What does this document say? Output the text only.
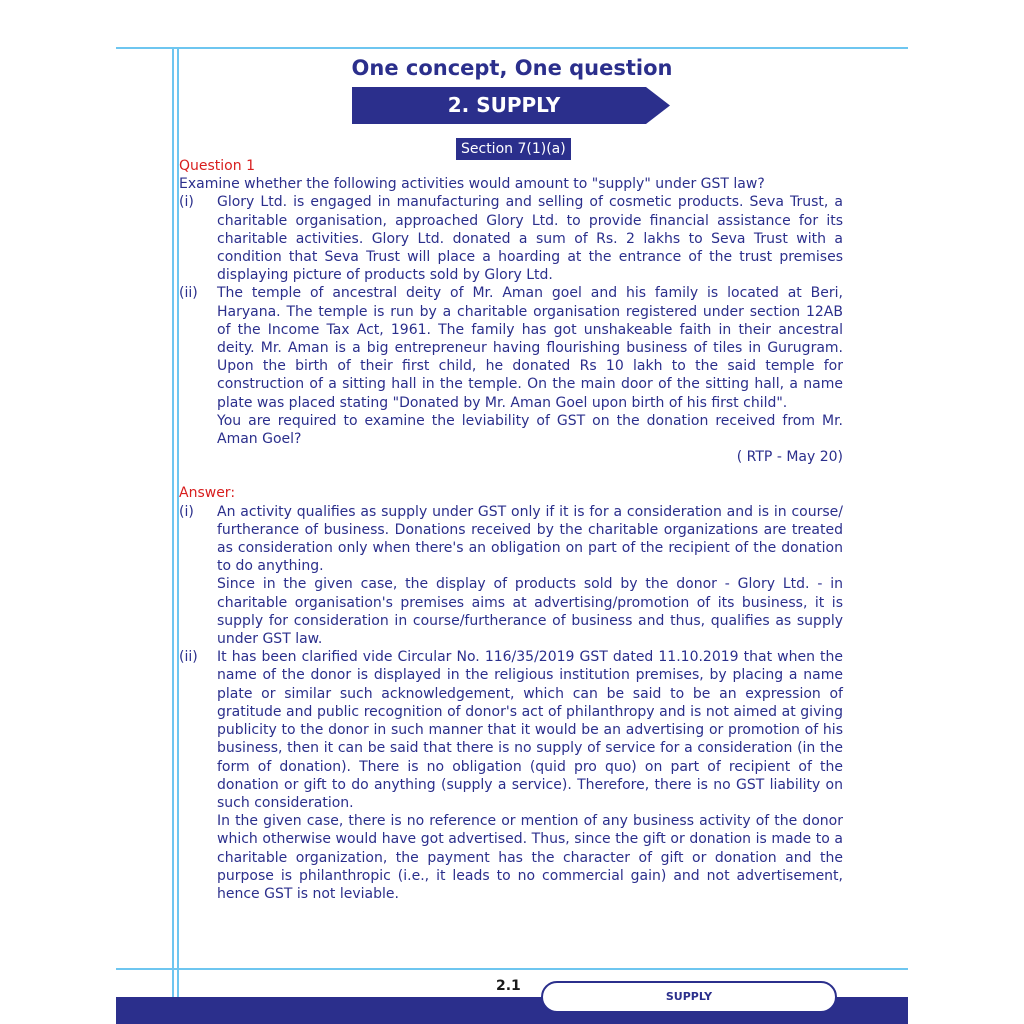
One concept, One question
2. SUPPLY
Section 7(1)(a)
Question 1
Examine whether the following activities would amount to "supply" under GST law?
(i)	Glory Ltd. is engaged in manufacturing and selling of cosmetic products. Seva Trust, a charitable organisation, approached Glory Ltd. to provide financial assistance for its charitable activities. Glory Ltd. donated a sum of Rs. 2 lakhs to Seva Trust with a condition that Seva Trust will place a hoarding at the entrance of the trust premises displaying picture of products sold by Glory Ltd.
(ii)	The temple of ancestral deity of Mr. Aman goel and his family is located at Beri, Haryana. The temple is run by a charitable organisation registered under section 12AB of the Income Tax Act, 1961. The family has got unshakeable faith in their ancestral deity. Mr. Aman is a big entrepreneur having flourishing business of tiles in Gurugram. Upon the birth of their first child, he donated Rs 10 lakh to the said temple for construction of a sitting hall in the temple. On the main door of the sitting hall, a name plate was placed stating "Donated by Mr. Aman Goel upon birth of his first child".
You are required to examine the leviability of GST on the donation received from Mr. Aman Goel?
( RTP - May 20)
Answer:
(i)	An activity qualifies as supply under GST only if it is for a consideration and is in course/ furtherance of business. Donations received by the charitable organizations are treated as consideration only when there's an obligation on part of the recipient of the donation to do anything.
Since in the given case, the display of products sold by the donor - Glory Ltd. - in charitable organisation's premises aims at advertising/promotion of its business, it is supply for consideration in course/furtherance of business and thus, qualifies as supply under GST law.
(ii)	It has been clarified vide Circular No. 116/35/2019 GST dated 11.10.2019 that when the name of the donor is displayed in the religious institution premises, by placing a name plate or similar such acknowledgement, which can be said to be an expression of gratitude and public recognition of donor's act of philanthropy and is not aimed at giving publicity to the donor in such manner that it would be an advertising or promotion of his business, then it can be said that there is no supply of service for a consideration (in the form of donation). There is no obligation (quid pro quo) on part of recipient of the donation or gift to do anything (supply a service). Therefore, there is no GST liability on such consideration.
In the given case, there is no reference or mention of any business activity of the donor which otherwise would have got advertised. Thus, since the gift or donation is made to a charitable organization, the payment has the character of gift or donation and the purpose is philanthropic (i.e., it leads to no commercial gain) and not advertisement, hence GST is not leviable.
2.1
SUPPLY
